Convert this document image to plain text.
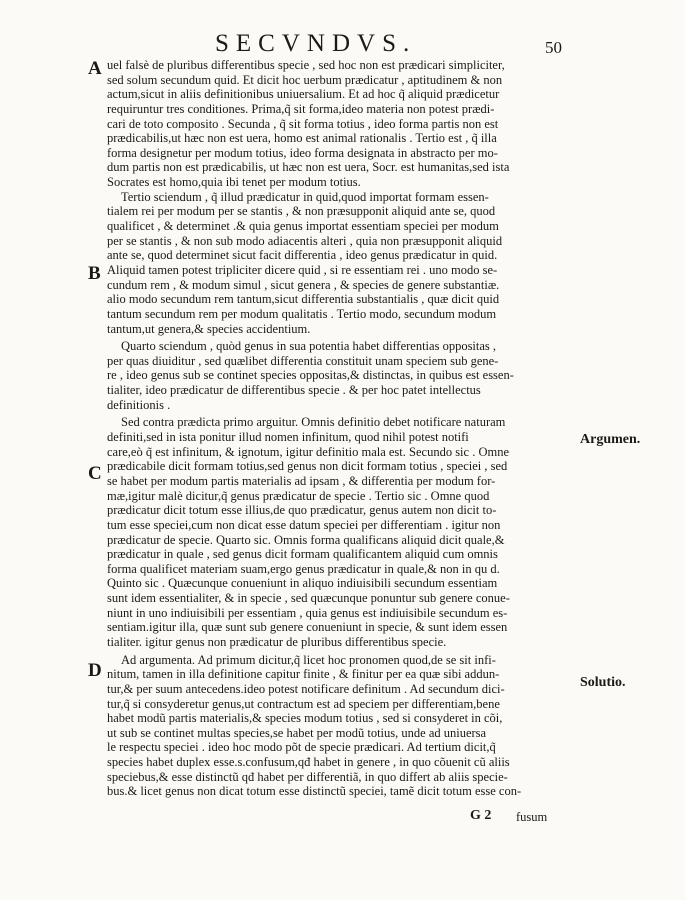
SECVNDVS.	50
A
B
C
D
Argumen.
Solutio.
uel falsè de pluribus differentibus specie , sed hoc non est prædicari simpliciter,
sed solum secundum quid. Et dicit hoc uerbum prædicatur , aptitudinem & non
actum,sicut in aliis definitionibus uniuersalium. Et ad hoc q̃ aliquid prædicetur
requiruntur tres conditiones. Prima,q̃ sit forma,ideo materia non potest prædi-
cari de toto composito . Secunda , q̃ sit forma totius , ideo forma partis non est
prædicabilis,ut hæc non est uera, homo est animal rationalis . Tertio est , q̃ illa
forma designetur per modum totius, ideo forma designata in abstracto per mo-
dum partis non est prædicabilis, ut hæc non est uera, Socr. est humanitas,sed ista
Socrates est homo,quia ibi tenet per modum totius.
Tertio sciendum , q̃ illud prædicatur in quid,quod importat formam essen-
tialem rei per modum per se stantis , & non præsupponit aliquid ante se, quod
qualificet , & determinet .& quia genus importat essentiam speciei per modum
per se stantis , & non sub modo adiacentis alteri , quia non præsupponit aliquid
ante se, quod determinet sicut facit differentia , ideo genus prædicatur in quid.
Aliquid tamen potest tripliciter dicere quid , si re essentiam rei . uno modo se-
cundum rem , & modum simul , sicut genera , & species de genere substantiæ.
alio modo secundum rem tantum,sicut differentia substantialis , quæ dicit quid
tantum secundum rem per modum qualitatis . Tertio modo, secundum modum
tantum,ut genera,& species accidentium.
Quarto sciendum , quòd genus in sua potentia habet differentias oppositas ,
per quas diuiditur , sed quælibet differentia constituit unam speciem sub gene-
re , ideo genus sub se continet species oppositas,& distinctas, in quibus est essen-
tialiter, ideo prædicatur de differentibus specie . & per hoc patet intellectus
definitionis .
Sed contra prædicta primo arguitur. Omnis definitio debet notificare naturam
definiti,sed in ista ponitur illud nomen infinitum, quod nihil potest notifi
care,eò q̃ est infinitum, & ignotum, igitur definitio mala est. Secundo sic . Omne
prædicabile dicit formam totius,sed genus non dicit formam totius , speciei , sed
se habet per modum partis materialis ad ipsam , & differentia per modum for-
mæ,igitur malè dicitur,q̃ genus prædicatur de specie . Tertio sic . Omne quod
prædicatur dicit totum esse illius,de quo prædicatur, genus autem non dicit to-
tum esse speciei,cum non dicat esse datum speciei per differentiam . igitur non
prædicatur de specie. Quarto sic. Omnis forma qualificans aliquid dicit quale,&
prædicatur in quale , sed genus dicit formam qualificantem aliquid cum omnis
forma qualificet materiam suam,ergo genus prædicatur in quale,& non in qu d.
Quinto sic . Quæcunque conueniunt in aliquo indiuisibili secundum essentiam
sunt idem essentialiter, & in specie , sed quæcunque ponuntur sub genere conue-
niunt in uno indiuisibili per essentiam , quia genus est indiuisibile secundum es-
sentiam.igitur illa, quæ sunt sub genere conueniunt in specie, & sunt idem essen
tialiter. igitur genus non prædicatur de pluribus differentibus specie.
Ad argumenta. Ad primum dicitur,q̃ licet hoc pronomen quod,de se sit infi-
nitum, tamen in illa definitione capitur finite , & finitur per ea quæ sibi addun-
tur,& per suum antecedens.ideo potest notificare definitum . Ad secundum dici-
tur,q̃ si consyderetur genus,ut contractum est ad speciem per differentiam,bene
habet modũ partis materialis,& species modum totius , sed si consyderet in cõi,
ut sub se continet multas species,se habet per modũ totius, unde ad uniuersa
le respectu speciei . ideo hoc modo põt de specie prædicari. Ad tertium dicit,q̃
species habet duplex esse.s.confusum,qđ habet in genere , in quo cõuenit cũ aliis
speciebus,& esse distinctũ qđ habet per differentiã, in quo differt ab aliis specie-
bus.& licet genus non dicat totum esse distinctũ speciei, tamẽ dicit totum esse con-
G 2 fusum
